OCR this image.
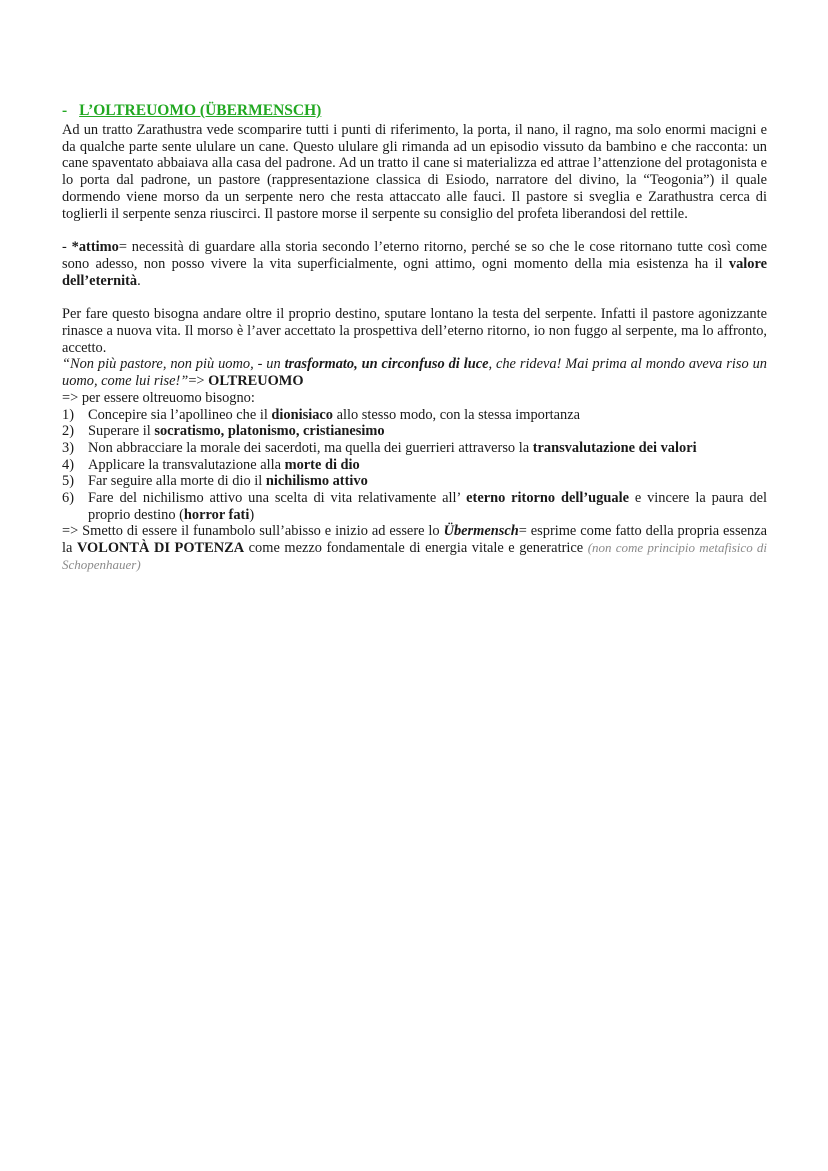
- L’OLTREUOMO (ÜBERMENSCH)

Ad un tratto Zarathustra vede scomparire tutti i punti di riferimento, la porta, il nano, il ragno, ma solo enormi macigni e da qualche parte sente ululare un cane. Questo ululare gli rimanda ad un episodio vissuto da bambino e che racconta: un cane spaventato abbaiava alla casa del padrone. Ad un tratto il cane si materializza ed attrae l’attenzione del protagonista e lo porta dal padrone, un pastore (rappresentazione classica di Esiodo, narratore del divino, la “Teogonia”) il quale dormendo viene morso da un serpente nero che resta attaccato alle fauci. Il pastore si sveglia e Zarathustra cerca di toglierli il serpente senza riuscirci. Il pastore morse il serpente su consiglio del profeta liberandosi del rettile.

- *attimo= necessità di guardare alla storia secondo l’eterno ritorno, perché se so che le cose ritornano tutte così come sono adesso, non posso vivere la vita superficialmente, ogni attimo, ogni momento della mia esistenza ha il valore dell’eternità.

Per fare questo bisogna andare oltre il proprio destino, sputare lontano la testa del serpente. Infatti il pastore agonizzante rinasce a nuova vita. Il morso è l’aver accettato la prospettiva dell’eterno ritorno, io non fuggo al serpente, ma lo affronto, accetto.

“Non più pastore, non più uomo, - un trasformato, un circonfuso di luce, che rideva! Mai prima al mondo aveva riso un uomo, come lui rise!”=> OLTREUOMO

=> per essere oltreuomo bisogno:

1) Concepire sia l’apollineo che il dionisiaco allo stesso modo, con la stessa importanza
2) Superare il socratismo, platonismo, cristianesimo
3) Non abbracciare la morale dei sacerdoti, ma quella dei guerrieri attraverso la transvalutazione dei valori
4) Applicare la transvalutazione alla morte di dio
5) Far seguire alla morte di dio il nichilismo attivo
6) Fare del nichilismo attivo una scelta di vita relativamente all’ eterno ritorno dell’uguale e vincere la paura del proprio destino (horror fati)

=> Smetto di essere il funambolo sull’abisso e inizio ad essere lo Übermensch= esprime come fatto della propria essenza la VOLONTÀ DI POTENZA come mezzo fondamentale di energia vitale e generatrice (non come principio metafisico di Schopenhauer)
